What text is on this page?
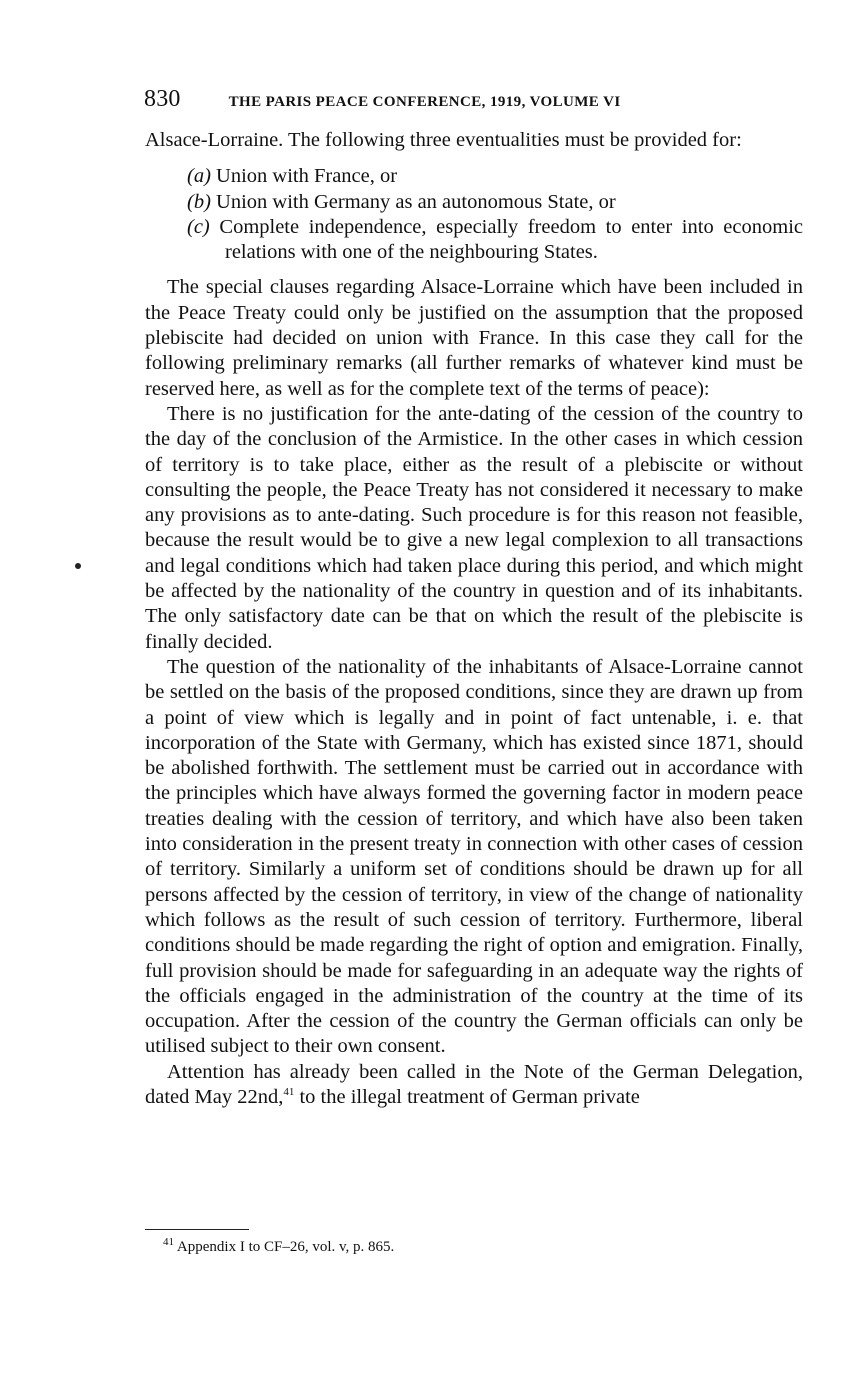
830	THE PARIS PEACE CONFERENCE, 1919, VOLUME VI

Alsace-Lorraine. The following three eventualities must be provided for:

(a) Union with France, or
(b) Union with Germany as an autonomous State, or
(c) Complete independence, especially freedom to enter into economic relations with one of the neighbouring States.

The special clauses regarding Alsace-Lorraine which have been included in the Peace Treaty could only be justified on the assumption that the proposed plebiscite had decided on union with France. In this case they call for the following preliminary remarks (all further remarks of whatever kind must be reserved here, as well as for the complete text of the terms of peace):

There is no justification for the ante-dating of the cession of the country to the day of the conclusion of the Armistice. In the other cases in which cession of territory is to take place, either as the result of a plebiscite or without consulting the people, the Peace Treaty has not considered it necessary to make any provisions as to ante-dating. Such procedure is for this reason not feasible, because the result would be to give a new legal complexion to all transactions and legal conditions which had taken place during this period, and which might be affected by the nationality of the country in question and of its inhabitants. The only satisfactory date can be that on which the result of the plebiscite is finally decided.

The question of the nationality of the inhabitants of Alsace-Lorraine cannot be settled on the basis of the proposed conditions, since they are drawn up from a point of view which is legally and in point of fact untenable, i. e. that incorporation of the State with Germany, which has existed since 1871, should be abolished forthwith. The settlement must be carried out in accordance with the principles which have always formed the governing factor in modern peace treaties dealing with the cession of territory, and which have also been taken into consideration in the present treaty in connection with other cases of cession of territory. Similarly a uniform set of conditions should be drawn up for all persons affected by the cession of territory, in view of the change of nationality which follows as the result of such cession of territory. Furthermore, liberal conditions should be made regarding the right of option and emigration. Finally, full provision should be made for safeguarding in an adequate way the rights of the officials engaged in the administration of the country at the time of its occupation. After the cession of the country the German officials can only be utilised subject to their own consent.

Attention has already been called in the Note of the German Delegation, dated May 22nd,$^{41}$ to the illegal treatment of German private

$^{41}$ Appendix I to CF–26, vol. v, p. 865.
